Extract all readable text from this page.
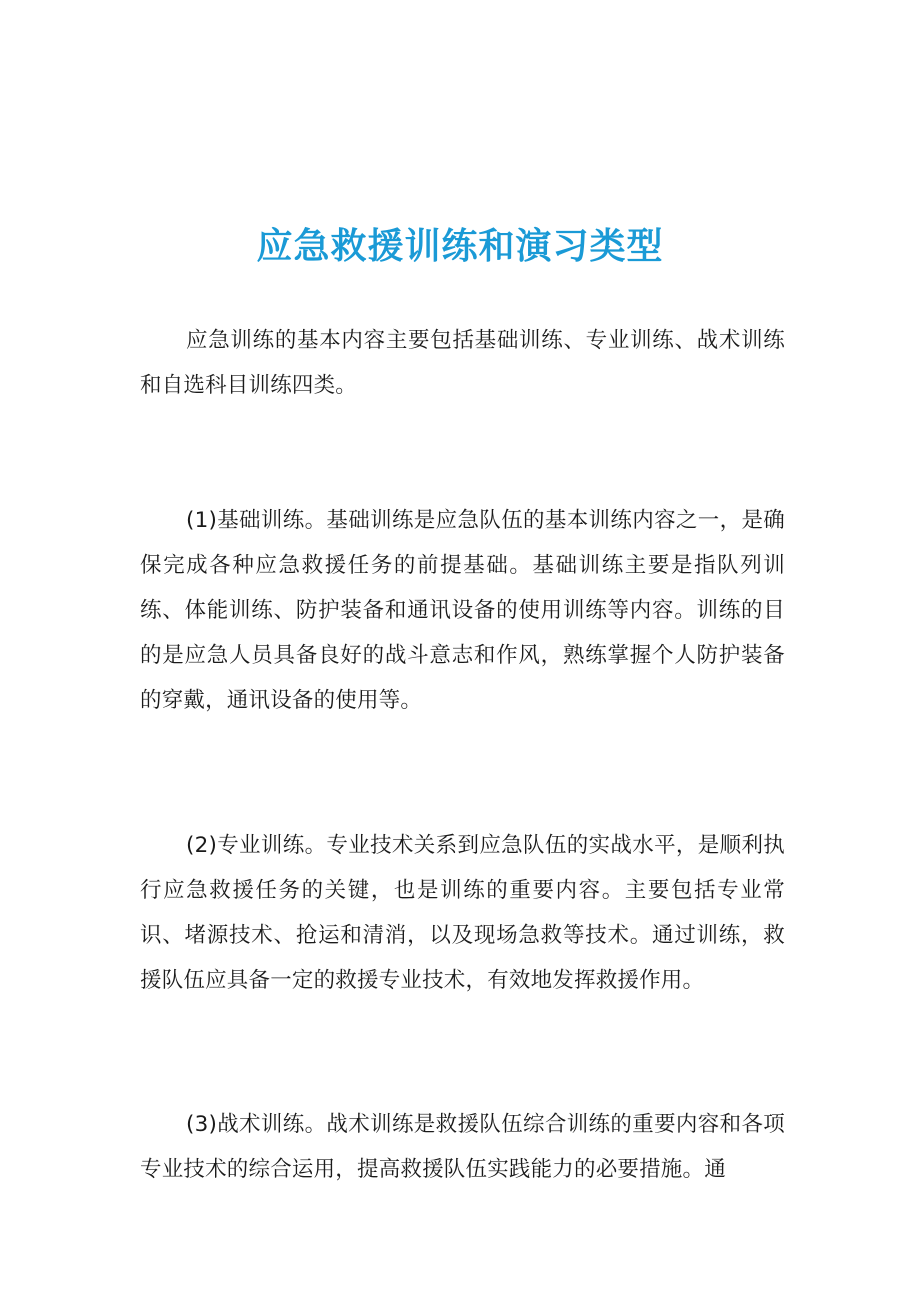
应急救援训练和演习类型

应急训练的基本内容主要包括基础训练、专业训练、战术训练和自选科目训练四类。

(1)基础训练。基础训练是应急队伍的基本训练内容之一，是确保完成各种应急救援任务的前提基础。基础训练主要是指队列训练、体能训练、防护装备和通讯设备的使用训练等内容。训练的目的是应急人员具备良好的战斗意志和作风，熟练掌握个人防护装备的穿戴，通讯设备的使用等。

(2)专业训练。专业技术关系到应急队伍的实战水平，是顺利执行应急救援任务的关键，也是训练的重要内容。主要包括专业常识、堵源技术、抢运和清消，以及现场急救等技术。通过训练，救援队伍应具备一定的救援专业技术，有效地发挥救援作用。

(3)战术训练。战术训练是救援队伍综合训练的重要内容和各项专业技术的综合运用，提高救援队伍实践能力的必要措施。通
